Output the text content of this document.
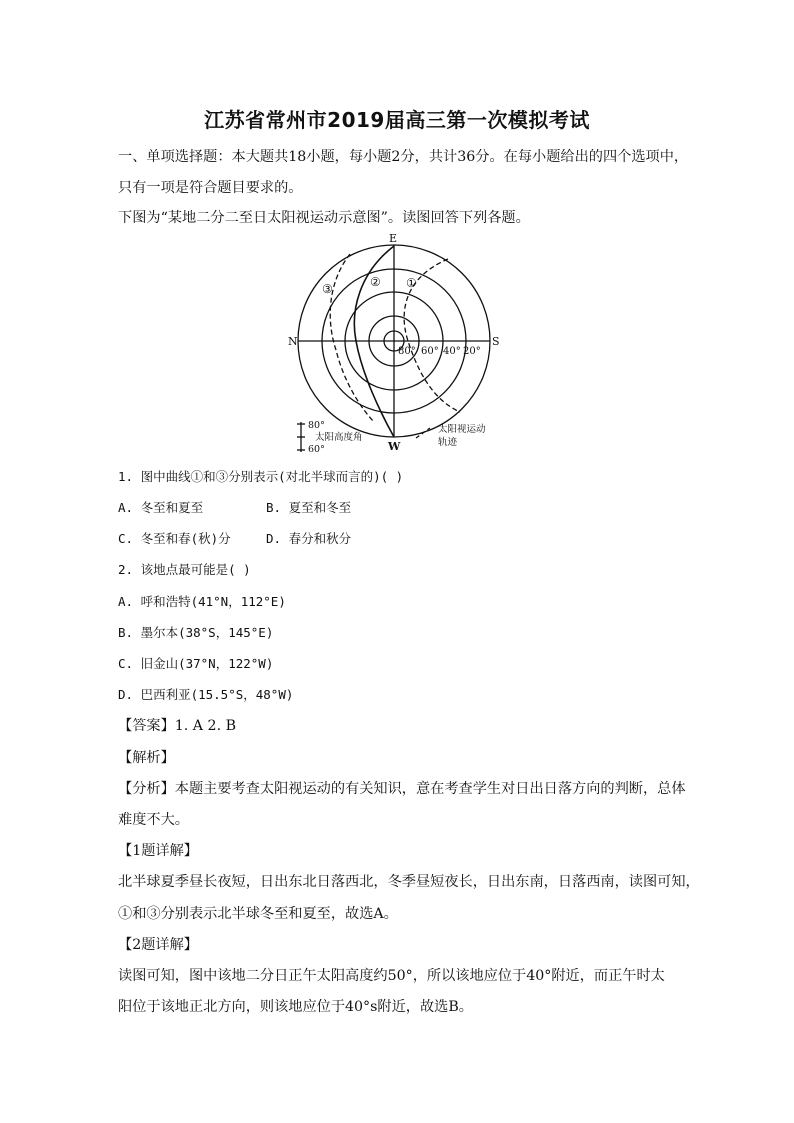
江苏省常州市2019届高三第一次模拟考试
一、单项选择题：本大题共18小题，每小题2分，共计36分。在每小题给出的四个选项中，
只有一项是符合题目要求的。
下图为“某地二分二至日太阳视运动示意图”。读图回答下列各题。
E
W
N	S
①
②
③
80° 60° 40° 20°
80°
太阳高度角
60°
太阳视运动
轨迹
1. 图中曲线①和③分别表示(对北半球而言的)( )
A. 冬至和夏至	B. 夏至和冬至
C. 冬至和春(秋)分	D. 春分和秋分
2. 该地点最可能是( )
A. 呼和浩特(41°N，112°E)
B. 墨尔本(38°S，145°E)
C. 旧金山(37°N，122°W)
D. 巴西利亚(15.5°S，48°W)
【答案】1. A 2. B
【解析】
【分析】本题主要考查太阳视运动的有关知识，意在考查学生对日出日落方向的判断，总体
难度不大。
【1题详解】
北半球夏季昼长夜短，日出东北日落西北，冬季昼短夜长，日出东南，日落西南，读图可知，
①和③分别表示北半球冬至和夏至，故选A。
【2题详解】
读图可知，图中该地二分日正午太阳高度约50°，所以该地应位于40°附近，而正午时太
阳位于该地正北方向，则该地应位于40°s附近，故选B。
